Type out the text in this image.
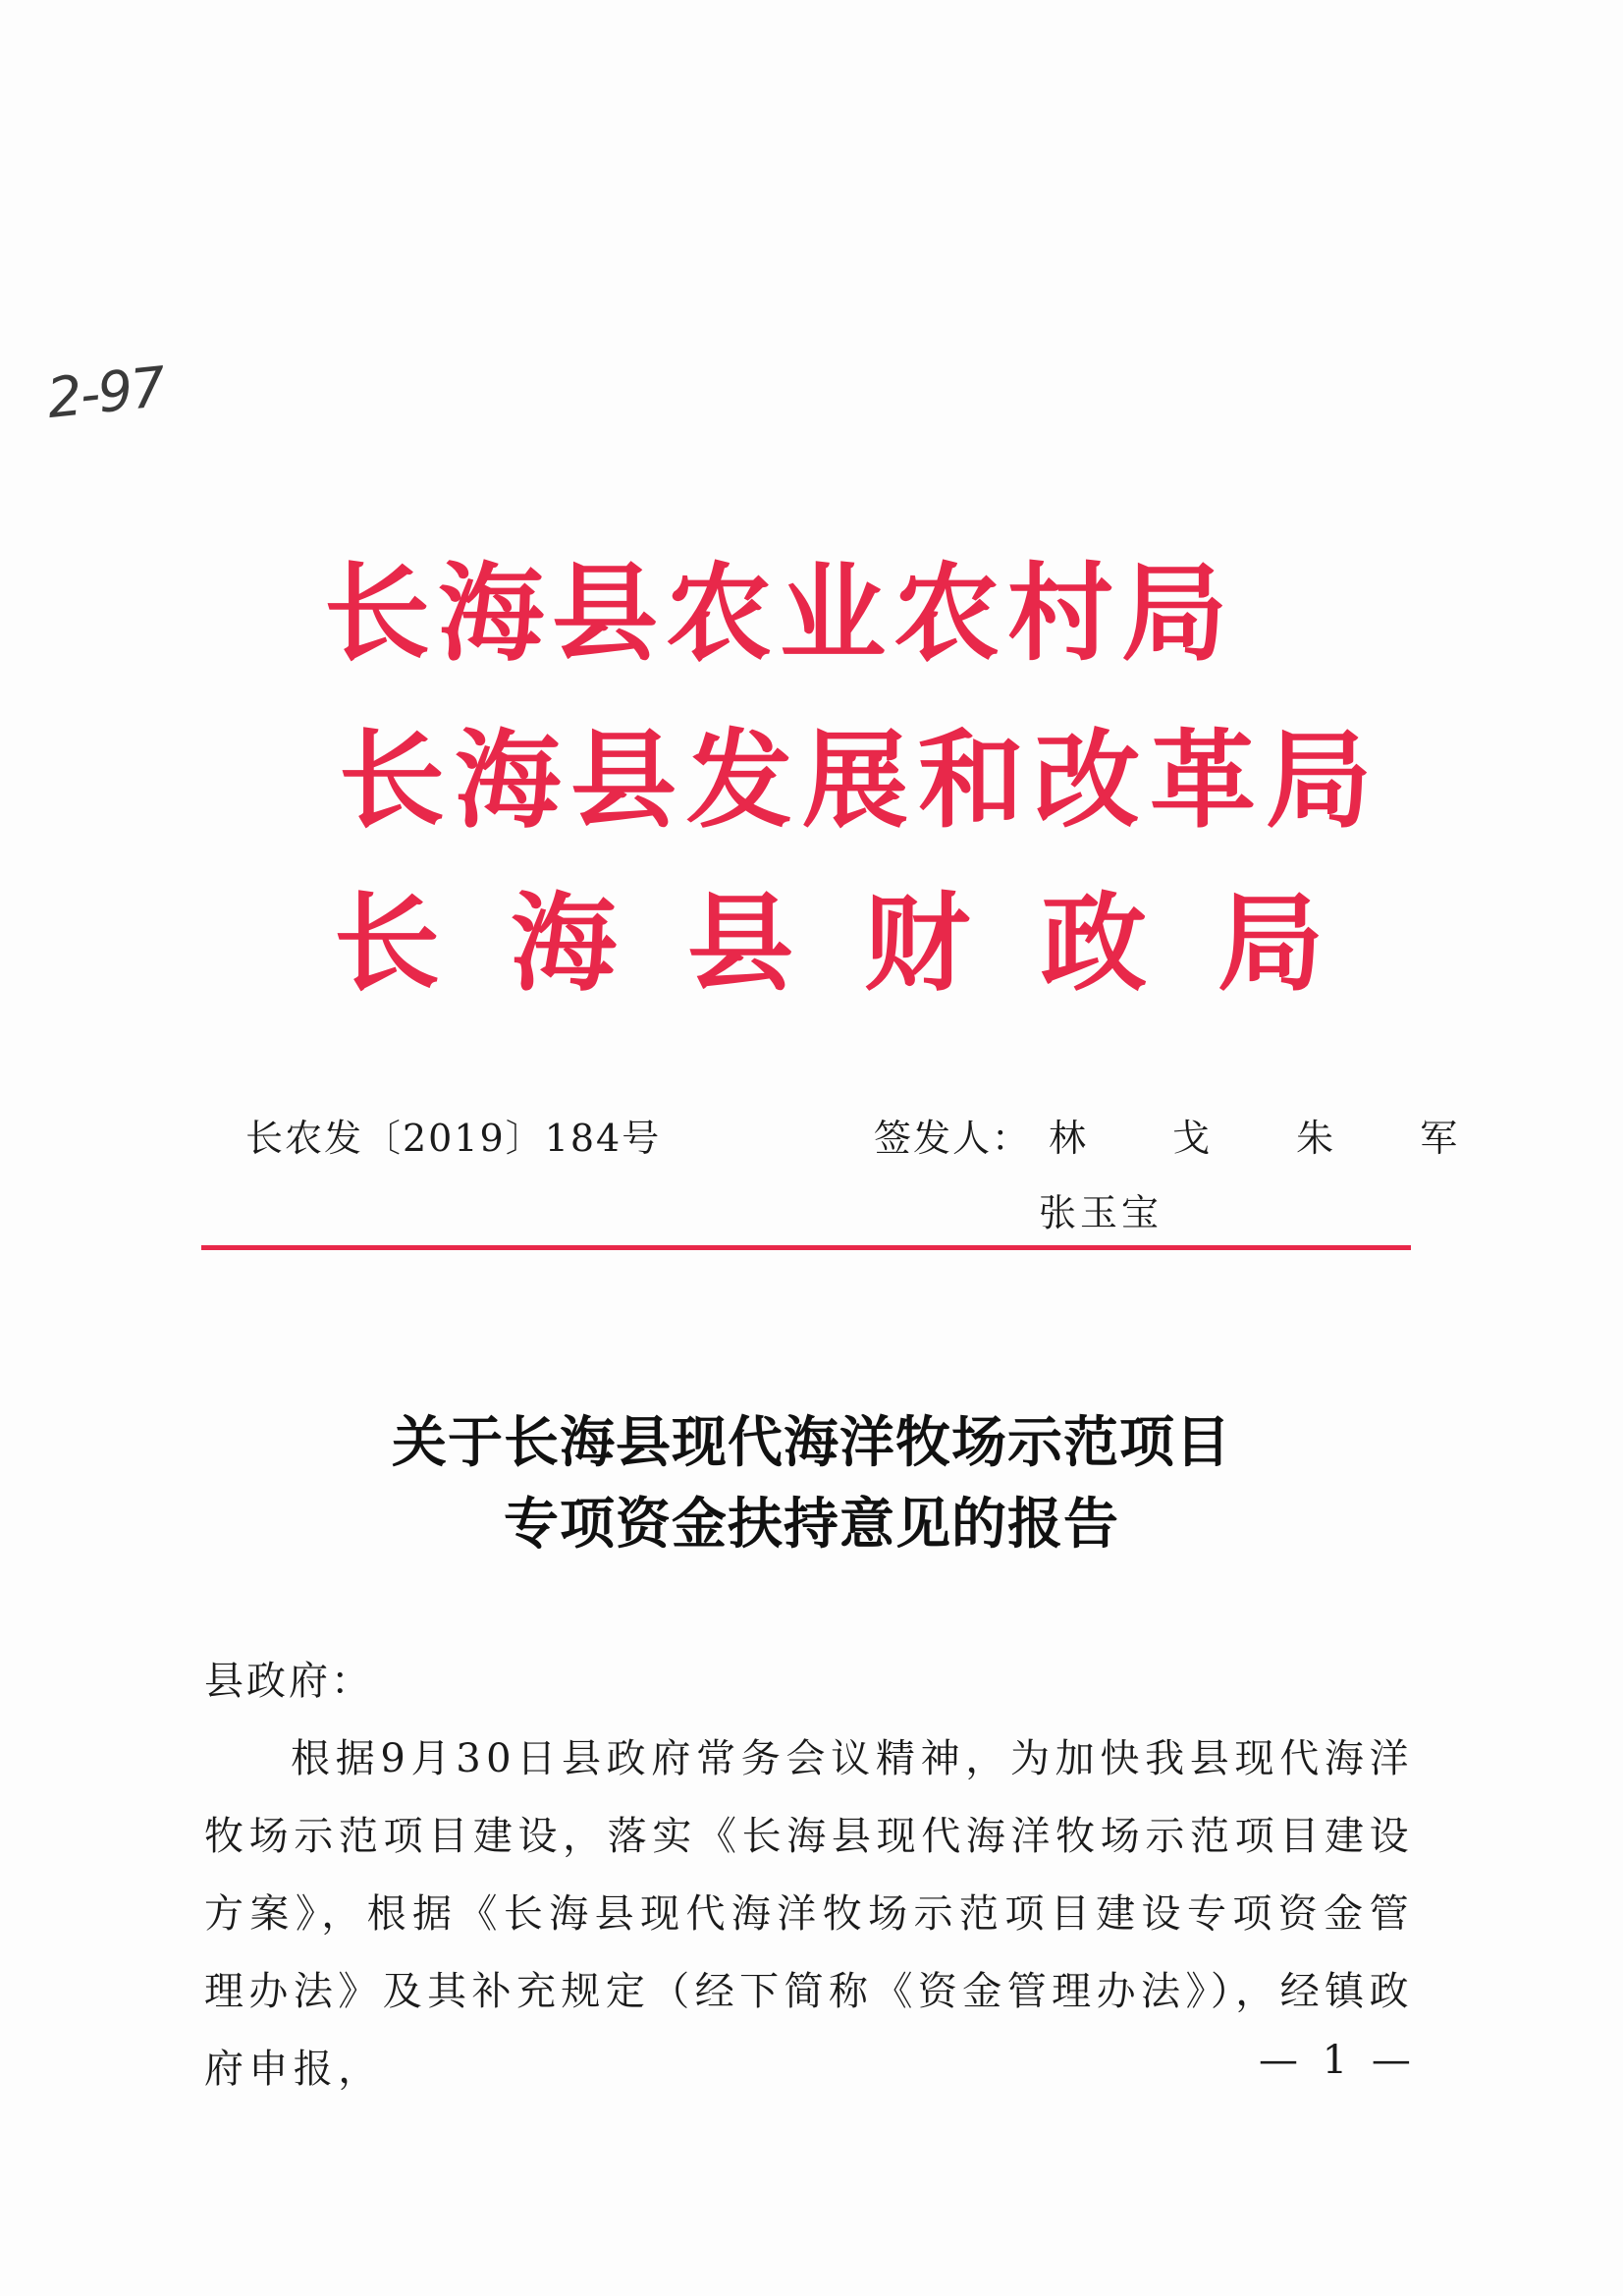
2-97
长海县农业农村局
长海县发展和改革局
长海县财政局
长农发〔2019〕184号	签发人： 林 戈 朱 军
张玉宝
关于长海县现代海洋牧场示范项目
专项资金扶持意见的报告
县政府：
根据9月30日县政府常务会议精神，为加快我县现代海洋牧场示范项目建设，落实《长海县现代海洋牧场示范项目建设方案》，根据《长海县现代海洋牧场示范项目建设专项资金管理办法》及其补充规定（经下简称《资金管理办法》），经镇政府申报，	— 1 —
